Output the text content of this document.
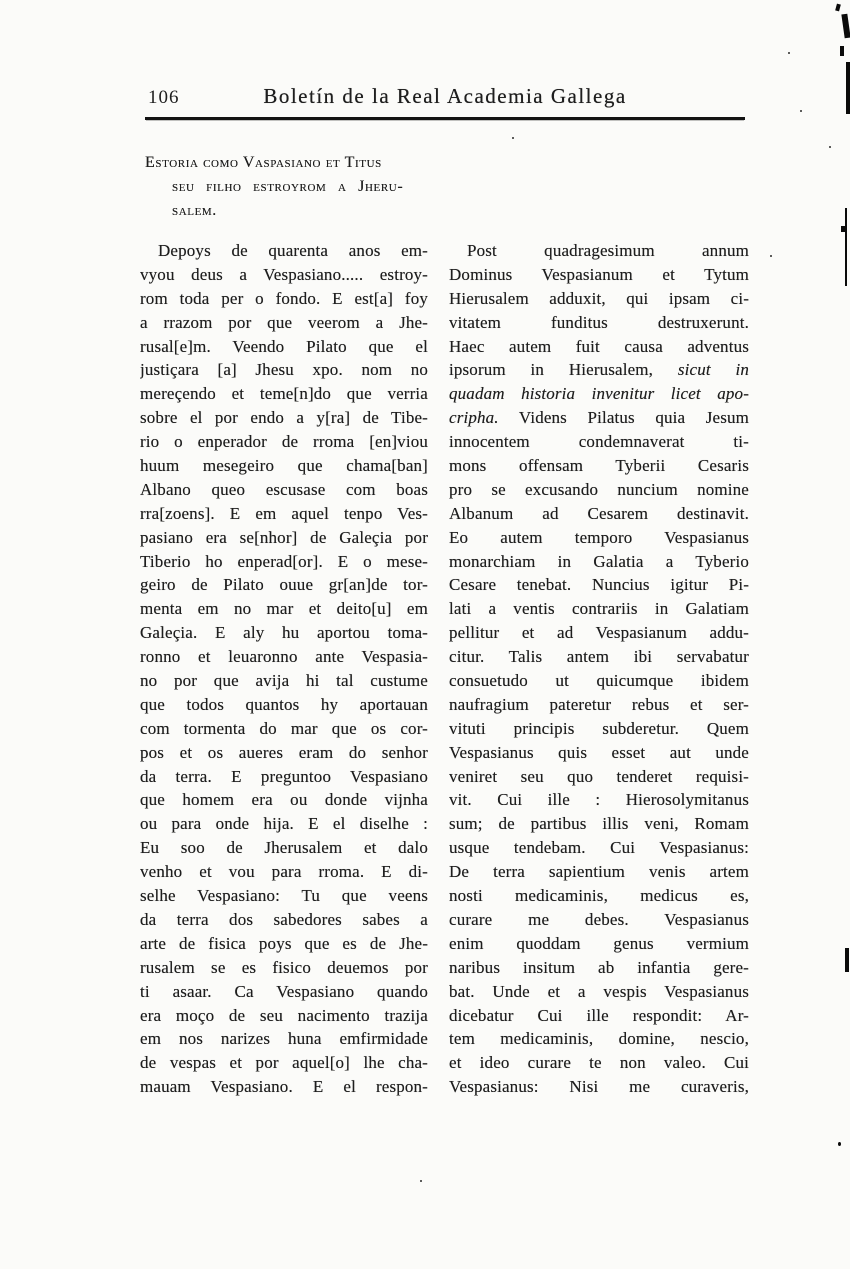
106	Boletín de la Real Academia Gallega
Estoria como Vaspasiano et Titus
seu filho estroyrom a Jheru-
salem.
Depoys de quarenta anos em-
vyou deus a Vespasiano..... estroy-
rom toda per o fondo. E est[a] foy
a rrazom por que veerom a Jhe-
rusal[e]m. Veendo Pilato que el
justiçara [a] Jhesu xpo. nom no
mereçendo et teme[n]do que verria
sobre el por endo a y[ra] de Tibe-
rio o enperador de rroma [en]viou
huum mesegeiro que chama[ban]
Albano queo escusase com boas
rra[zoens]. E em aquel tenpo Ves-
pasiano era se[nhor] de Galeçia por
Tiberio ho enperad[or]. E o mese-
geiro de Pilato ouue gr[an]de tor-
menta em no mar et deito[u] em
Galeçia. E aly hu aportou toma-
ronno et leuaronno ante Vespasia-
no por que avija hi tal custume
que todos quantos hy aportauan
com tormenta do mar que os cor-
pos et os aueres eram do senhor
da terra. E preguntoo Vespasiano
que homem era ou donde vijnha
ou para onde hija. E el diselhe :
Eu soo de Jherusalem et dalo
venho et vou para rroma. E di-
selhe Vespasiano: Tu que veens
da terra dos sabedores sabes a
arte de fisica poys que es de Jhe-
rusalem se es fisico deuemos por
ti asaar. Ca Vespasiano quando
era moço de seu nacimento trazija
em nos narizes huna emfirmidade
de vespas et por aquel[o] lhe cha-
mauam Vespasiano. E el respon-
Post quadragesimum annum
Dominus Vespasianum et Tytum
Hierusalem adduxit, qui ipsam ci-
vitatem funditus destruxerunt.
Haec autem fuit causa adventus
ipsorum in Hierusalem, sicut in
quadam historia invenitur licet apo-
cripha. Videns Pilatus quia Jesum
innocentem condemnaverat ti-
mons offensam Tyberii Cesaris
pro se excusando nuncium nomine
Albanum ad Cesarem destinavit.
Eo autem temporo Vespasianus
monarchiam in Galatia a Tyberio
Cesare tenebat. Nuncius igitur Pi-
lati a ventis contrariis in Galatiam
pellitur et ad Vespasianum addu-
citur. Talis antem ibi servabatur
consuetudo ut quicumque ibidem
naufragium pateretur rebus et ser-
vituti principis subderetur. Quem
Vespasianus quis esset aut unde
veniret seu quo tenderet requisi-
vit. Cui ille : Hierosolymitanus
sum; de partibus illis veni, Romam
usque tendebam. Cui Vespasianus:
De terra sapientium venis artem
nosti medicaminis, medicus es,
curare me debes. Vespasianus
enim quoddam genus vermium
naribus insitum ab infantia gere-
bat. Unde et a vespis Vespasianus
dicebatur Cui ille respondit: Ar-
tem medicaminis, domine, nescio,
et ideo curare te non valeo. Cui
Vespasianus: Nisi me curaveris,
